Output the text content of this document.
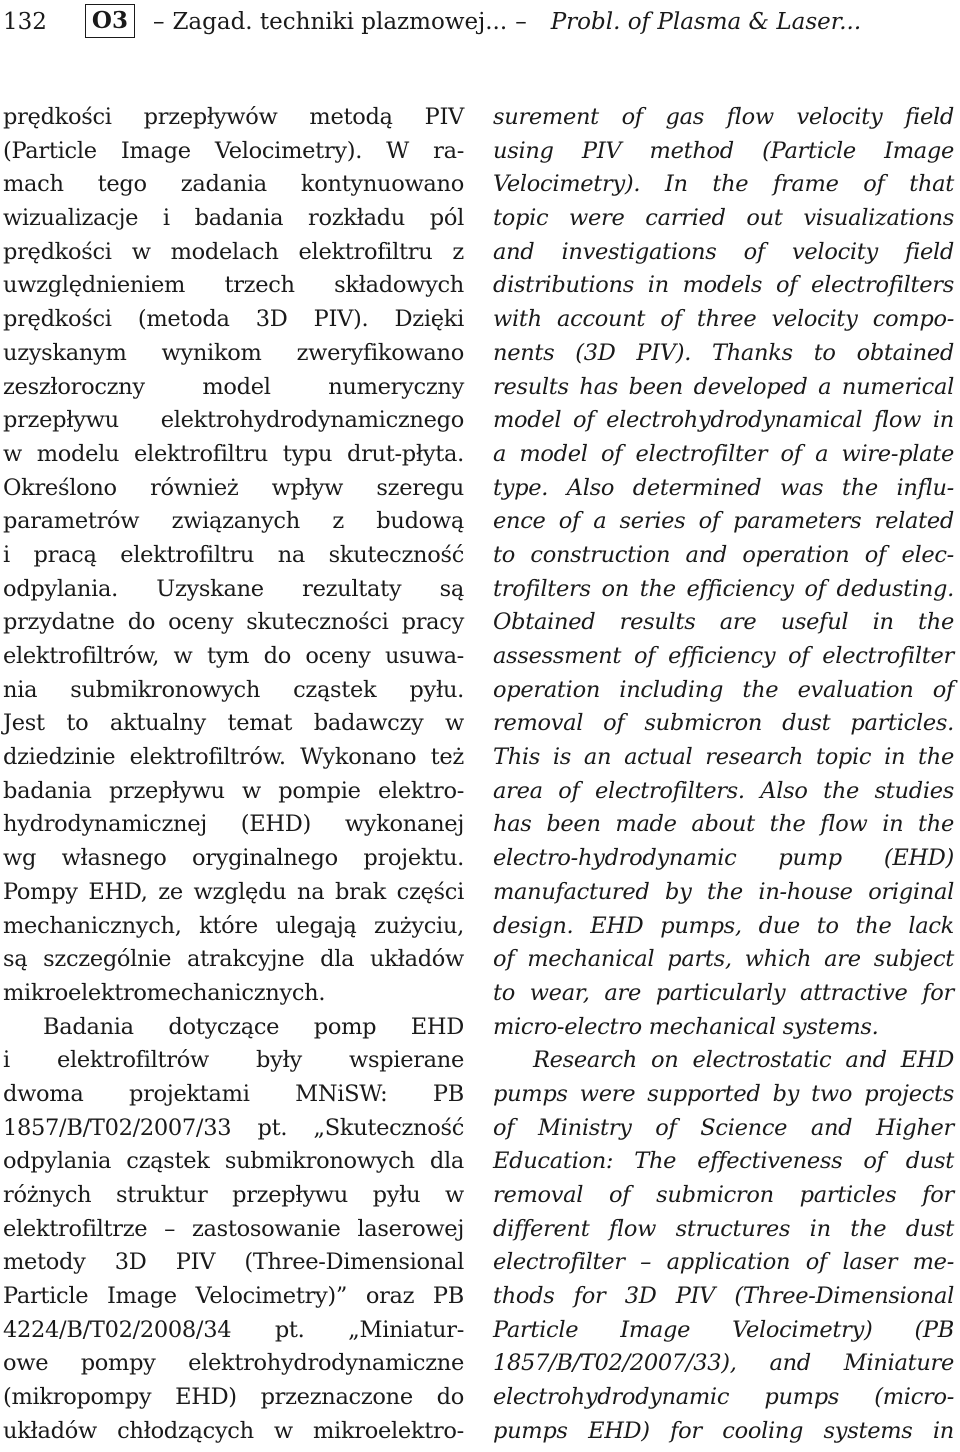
132 O3 – Zagad. techniki plazmowej... – Probl. of Plasma & Laser...
prędkości przepływów metodą PIV
(Particle Image Velocimetry). W ra-
mach tego zadania kontynuowano
wizualizacje i badania rozkładu pól
prędkości w modelach elektrofiltru z
uwzględnieniem trzech składowych
prędkości (metoda 3D PIV). Dzięki
uzyskanym wynikom zweryfikowano
zeszłoroczny model numeryczny
przepływu elektrohydrodynamicznego
w modelu elektrofiltru typu drut-płyta.
Określono również wpływ szeregu
parametrów związanych z budową
i pracą elektrofiltru na skuteczność
odpylania. Uzyskane rezultaty są
przydatne do oceny skuteczności pracy
elektrofiltrów, w tym do oceny usuwa-
nia submikronowych cząstek pyłu.
Jest to aktualny temat badawczy w
dziedzinie elektrofiltrów. Wykonano też
badania przepływu w pompie elektro-
hydrodynamicznej (EHD) wykonanej
wg własnego oryginalnego projektu.
Pompy EHD, ze względu na brak części
mechanicznych, które ulegają zużyciu,
są szczególnie atrakcyjne dla układów
mikroelektromechanicznych.
Badania dotyczące pomp EHD
i elektrofiltrów były wspierane
dwoma projektami MNiSW: PB
1857/B/T02/2007/33 pt. „Skuteczność
odpylania cząstek submikronowych dla
różnych struktur przepływu pyłu w
elektrofiltrze – zastosowanie laserowej
metody 3D PIV (Three-Dimensional
Particle Image Velocimetry)” oraz PB
4224/B/T02/2008/34 pt. „Miniatur-
owe pompy elektrohydrodynamiczne
(mikropompy EHD) przeznaczone do
układów chłodzących w mikroelektro-
surement of gas flow velocity field
using PIV method (Particle Image
Velocimetry). In the frame of that
topic were carried out visualizations
and investigations of velocity field
distributions in models of electrofilters
with account of three velocity compo-
nents (3D PIV). Thanks to obtained
results has been developed a numerical
model of electrohydrodynamical flow in
a model of electrofilter of a wire-plate
type. Also determined was the influ-
ence of a series of parameters related
to construction and operation of elec-
trofilters on the efficiency of dedusting.
Obtained results are useful in the
assessment of efficiency of electrofilter
operation including the evaluation of
removal of submicron dust particles.
This is an actual research topic in the
area of electrofilters. Also the studies
has been made about the flow in the
electro-hydrodynamic pump (EHD)
manufactured by the in-house original
design. EHD pumps, due to the lack
of mechanical parts, which are subject
to wear, are particularly attractive for
micro-electro mechanical systems.
Research on electrostatic and EHD
pumps were supported by two projects
of Ministry of Science and Higher
Education: The effectiveness of dust
removal of submicron particles for
different flow structures in the dust
electrofilter – application of laser me-
thods for 3D PIV (Three-Dimensional
Particle Image Velocimetry) (PB
1857/B/T02/2007/33), and Miniature
electrohydrodynamic pumps (micro-
pumps EHD) for cooling systems in
